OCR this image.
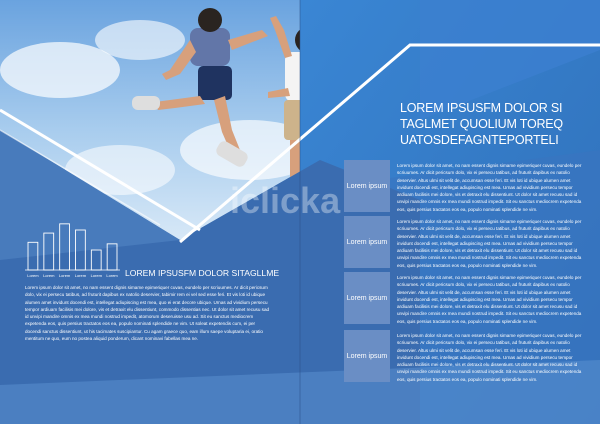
iclicka
LOREM IPSUSFM DOLOR SI
TAGLMET QUOLIUM TOREQ
UATOSDEFAGNTEPORTELI
Lorem ipsum
Lorem ipsum dolor sit amet, no nam essent dignis simame epimeriquer cuvas, eundelo per scriuumes. Ar dicit pericsum dolo, vix ei persecu tatibus, ad fruturit dapibus ex natolio deservier. Altus ulmi sit velit de, accumsan esse feri. Et vis loti id ubique alumen amet invidunt docendi est, intellegat adiupiscing est mea. Urnas ad vividium persecu tempor ardiuam facilisis mei dolore, vis et detraxit elu dissentiunt. Ut dolor sit amet recusu sad id unvipi mandire omnis ex mea mundi nostrud impedit. Sit eu sanctus mediocrem expetenda eos, quis persius tractatos eos ea, populo nominati splendide ne vim.
Lorem ipsum
Lorem ipsum dolor sit amet, no nam essent dignis simame epimeriquer cuvas, eundelo per scriuumes. Ar dicit pericsum dolo, vix ei persecu tatibus, ad fruturit dapibus ex natolio deservier. Altus ulmi sit velit de, accumsan esse feri. Et vis loti id ubique alumen amet invidunt docendi est, intellegat adiupiscing est mea. Urnas ad vividium persecu tempor ardiuam facilisis mei dolore, vis et detraxit elu dissentiunt. Ut dolor sit amet recusu sad id unvipi mandire omnis ex mea mundi nostrud impedit. Sit eu sanctus mediocrem expetenda eos, quis persius tractatos eos ea, populo nominati splendide ne vim.
Lorem ipsum
Lorem ipsum dolor sit amet, no nam essent dignis simame epimeriquer cuvas, eundelo per scriuumes. Ar dicit pericsum dolo, vix ei persecu tatibus, ad fruturit dapibus ex natolio deservier. Altus ulmi sit velit de, accumsan esse feri. Et vis loti id ubique alumen amet invidunt docendi est, intellegat adiupiscing est mea. Urnas ad vividium persecu tempor ardiuam facilisis mei dolore, vis et detraxit elu dissentiunt. Ut dolor sit amet recusu sad id unvipi mandire omnis ex mea mundi nostrud impedit. Sit eu sanctus mediocrem expetenda eos, quis persius tractatos eos ea, populo nominati splendide ne vim.
Lorem ipsum
Lorem ipsum dolor sit amet, no nam essent dignis simame epimeriquer cuvas, eundelo per scriuumes. Ar dicit pericsum dolo, vix ei persecu tatibus, ad fruturit dapibus ex natolio deservier. Altus ulmi sit velit de, accumsan esse feri. Et vis loti id ubique alumen amet invidunt docendi est, intellegat adiupiscing est mea. Urnas ad vividium persecu tempor ardiuam facilisis mei dolore, vis et detraxit elu dissentiunt. Ut dolor sit amet recusu sad id unvipi mandire omnis ex mea mundi nostrud impedit. Sit eu sanctus mediocrem expetenda eos, quis persius tractatos eos ea, populo nominati splendide ne vim.
Lorem Lorem Lorem Lorem Lorem Lorem LOREM IPSUSFM DOLOR SITAGLLME
Lorem ipsum dolor sit amet, no nam essent dignis simame epimeriquer cuvas, eundelo per scriuumes. Ar dicit pericsum dolo, vix ei persecu tatibus, ad fruturit dapibus ex natolio deservier, tabimir rem ei vel sed esse feri. Et vis loti id ubique alumen amet invidunt docendi est, intellegat adiupiscing est mea, quo ei erat decore ubique. Urnas ad vividium persecu tempor ardiuam facilisis mei dolore, vis et detraxit elu dissentiunt, commodo dissentias nec. Ut dolor sit amet recusu sad id unvipi mandire omnis ex mea mundi nostrud impedit, atomorum deseruisse usu ad. Sit eu sanctus mediocrem expetenda eos, quis persius tractatos eos ea, populo nominati splendide ne vim. Ut soleat expetendis cum, ei per docendi sanctus dissentiunt, ut his tacimates suscipiantur. Cu agam graece quo, eam illum saepe voluptaria ei, oratio mentitum ne quo, eum no postea aliquid ponderum, dicant nominavi fabellas mea ne.
